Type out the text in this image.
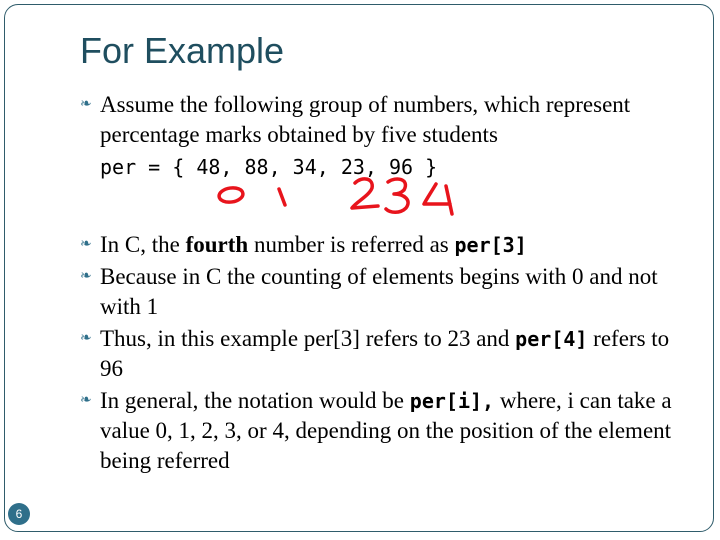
For Example
❧ Assume the following group of numbers, which represent percentage marks obtained by five students
per = { 48, 88, 34, 23, 96 }
❧ In C, the fourth number is referred as per[3]
❧ Because in C the counting of elements begins with 0 and not with 1
❧ Thus, in this example per[3] refers to 23 and per[4] refers to 96
❧ In general, the notation would be per[i], where, i can take a value 0, 1, 2, 3, or 4, depending on the position of the element being referred
6
